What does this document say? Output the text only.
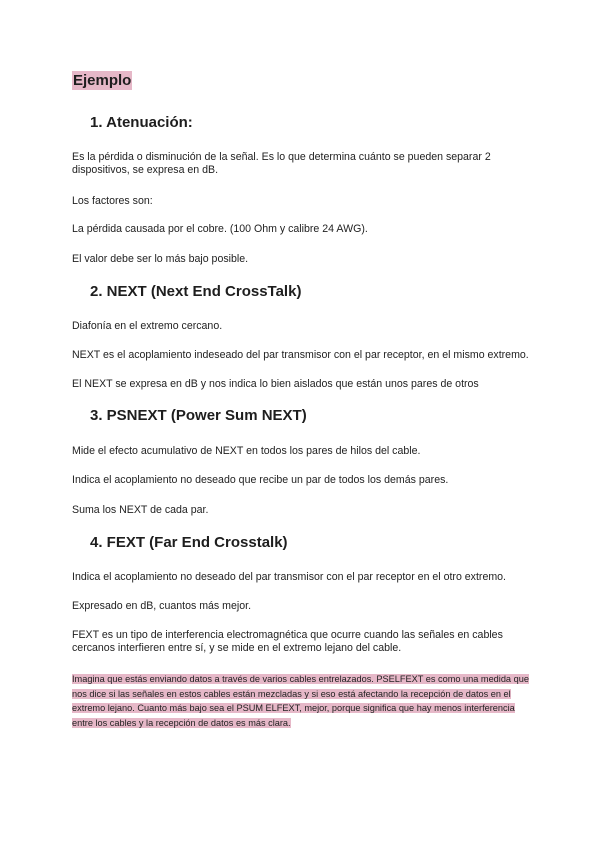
Ejemplo
1. Atenuación:
Es la pérdida o disminución de la señal. Es lo que determina cuánto se pueden separar 2 dispositivos, se expresa en dB.
Los factores son:
La pérdida causada por el cobre. (100 Ohm y calibre 24 AWG).
El valor debe ser lo más bajo posible.
2. NEXT (Next End CrossTalk)
Diafonía en el extremo cercano.
NEXT es el acoplamiento indeseado del par transmisor con el par receptor, en el mismo extremo.
El NEXT se expresa en dB y nos indica lo bien aislados que están unos pares de otros
3. PSNEXT (Power Sum NEXT)
Mide el efecto acumulativo de NEXT en todos los pares de hilos del cable.
Indica el acoplamiento no deseado que recibe un par de todos los demás pares.
Suma los NEXT de cada par.
4. FEXT (Far End Crosstalk)
Indica el acoplamiento no deseado del par transmisor con el par receptor en el otro extremo.
Expresado en dB, cuantos más mejor.
FEXT es un tipo de interferencia electromagnética que ocurre cuando las señales en cables cercanos interfieren entre sí, y se mide en el extremo lejano del cable.
Imagina que estás enviando datos a través de varios cables entrelazados. PSELFEXT es como una medida que nos dice si las señales en estos cables están mezcladas y si eso está afectando la recepción de datos en el extremo lejano. Cuanto más bajo sea el PSUM ELFEXT, mejor, porque significa que hay menos interferencia entre los cables y la recepción de datos es más clara.
